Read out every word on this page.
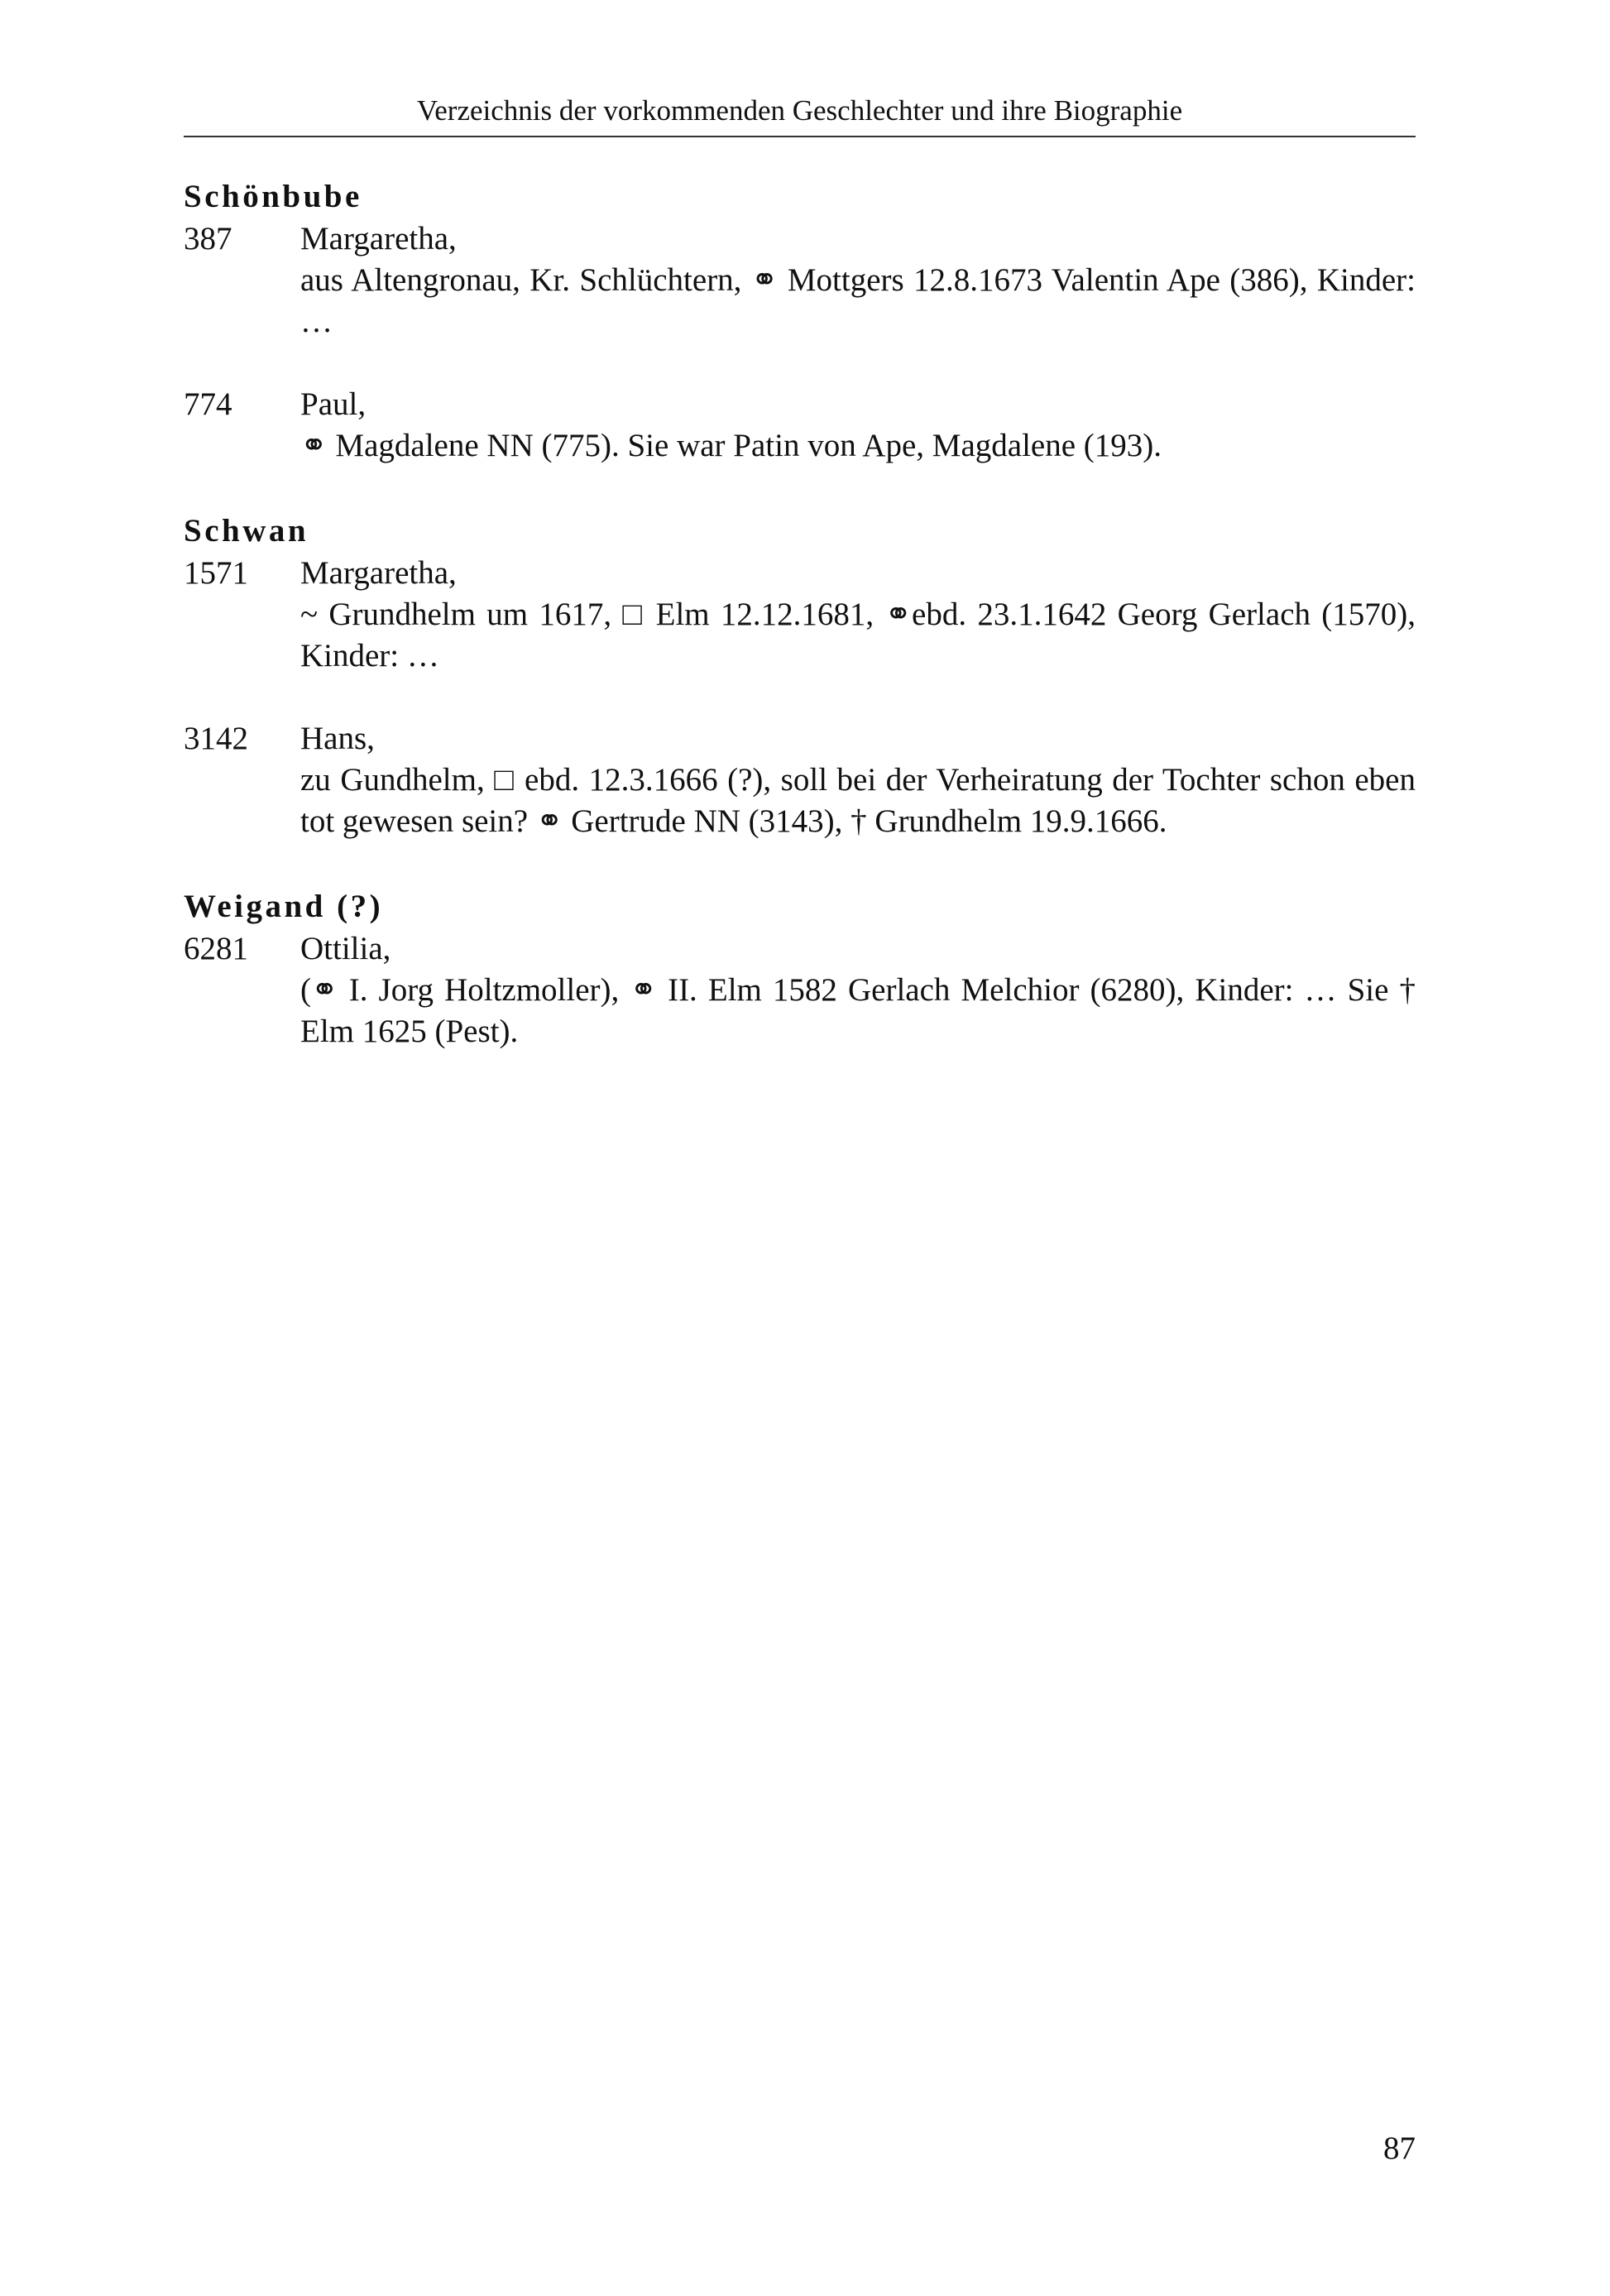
Verzeichnis der vorkommenden Geschlechter und ihre Biographie
Schönbube
387	Margaretha,

aus Altengronau, Kr. Schlüchtern, ⚭ Mottgers 12.8.1673 Valentin Ape (386), Kinder: …

774	Paul,

⚭ Magdalene NN (775). Sie war Patin von Ape, Magdalene (193).

Schwan
1571	Margaretha,

~ Grundhelm um 1617, □ Elm 12.12.1681, ⚭ebd. 23.1.1642 Georg Gerlach (1570), Kinder: …

3142	Hans,

zu Gundhelm, □ ebd. 12.3.1666 (?), soll bei der Verheiratung der Tochter schon eben tot gewesen sein? ⚭ Gertrude NN (3143), † Grundhelm 19.9.1666.

Weigand (?)
6281	Ottilia,

(⚭ I. Jorg Holtzmoller), ⚭ II. Elm 1582 Gerlach Melchior (6280), Kinder: … Sie † Elm 1625 (Pest).

87
